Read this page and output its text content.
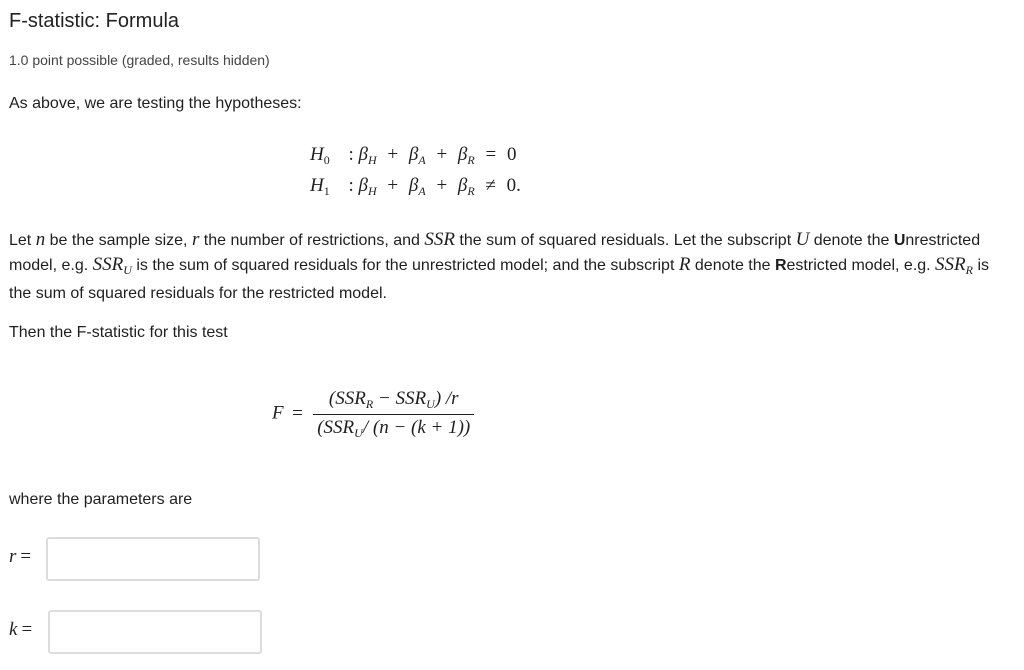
F-statistic: Formula
1.0 point possible (graded, results hidden)
As above, we are testing the hypotheses:
$H_0$ : $\beta_H + \beta_A + \beta_R = 0$
$H_1$ : $\beta_H + \beta_A + \beta_R \ne 0$.
Let n be the sample size, r the number of restrictions, and SSR the sum of squared residuals. Let the subscript U denote the Unrestricted model, e.g. $SSR_U$ is the sum of squared residuals for the unrestricted model; and the subscript R denote the Restricted model, e.g. $SSR_R$ is the sum of squared residuals for the restricted model.
Then the F-statistic for this test
$F = \frac{(SSR_R - SSR_U) /r}{(SSR_U/ (n - (k + 1))}$
where the parameters are
r =
k =
